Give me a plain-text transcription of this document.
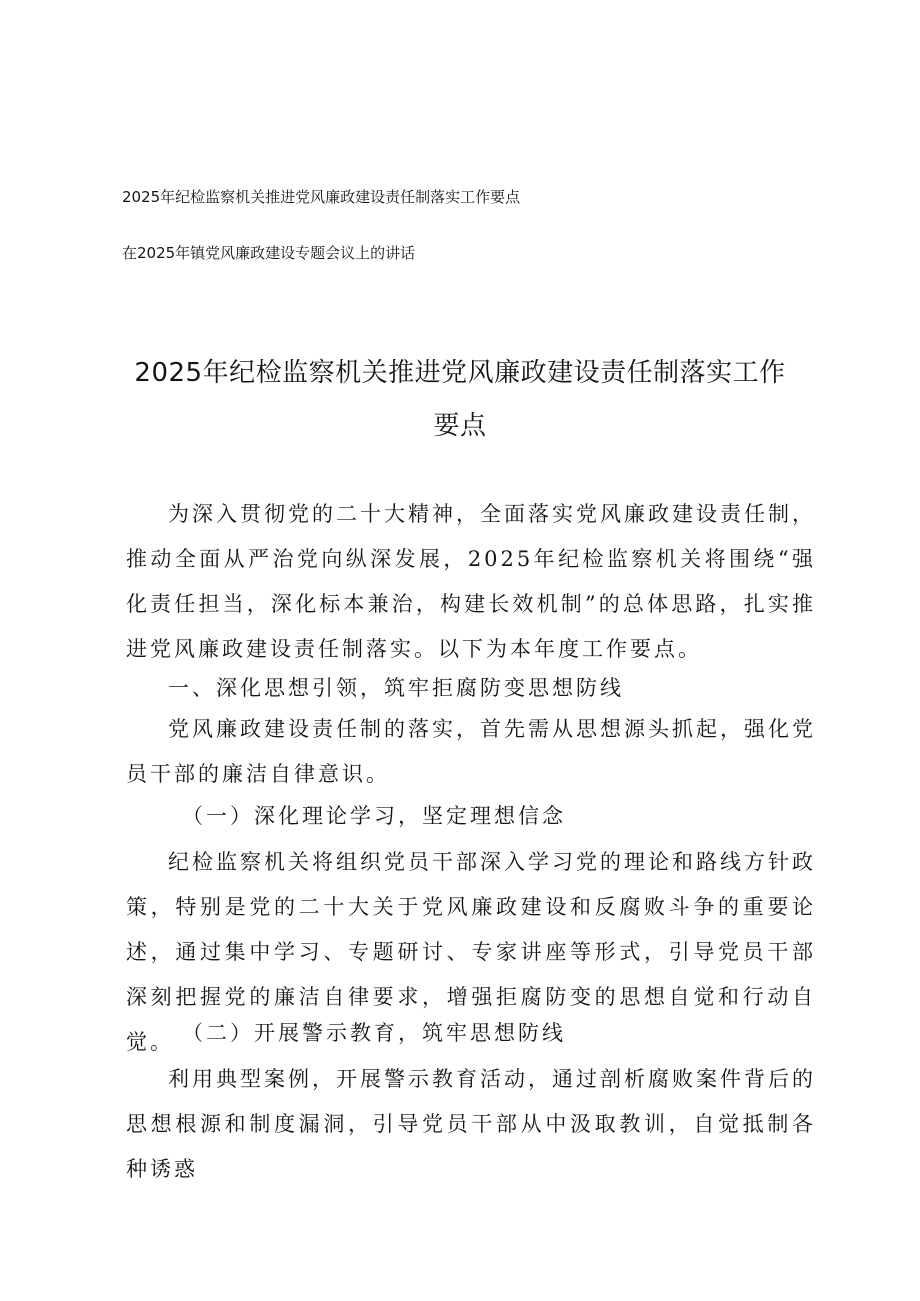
2025年纪检监察机关推进党风廉政建设责任制落实工作要点
在2025年镇党风廉政建设专题会议上的讲话
2025年纪检监察机关推进党风廉政建设责任制落实工作
要点

为深入贯彻党的二十大精神，全面落实党风廉政建设责任制，推动全面从严治党向纵深发展，2025年纪检监察机关将围绕“强化责任担当，深化标本兼治，构建长效机制”的总体思路，扎实推进党风廉政建设责任制落实。以下为本年度工作要点。

一、深化思想引领，筑牢拒腐防变思想防线

党风廉政建设责任制的落实，首先需从思想源头抓起，强化党员干部的廉洁自律意识。

（一）深化理论学习，坚定理想信念

纪检监察机关将组织党员干部深入学习党的理论和路线方针政策，特别是党的二十大关于党风廉政建设和反腐败斗争的重要论述，通过集中学习、专题研讨、专家讲座等形式，引导党员干部深刻把握党的廉洁自律要求，增强拒腐防变的思想自觉和行动自觉。 （二）开展警示教育，筑牢思想防线

利用典型案例，开展警示教育活动，通过剖析腐败案件背后的思想根源和制度漏洞，引导党员干部从中汲取教训，自觉抵制各种诱惑
